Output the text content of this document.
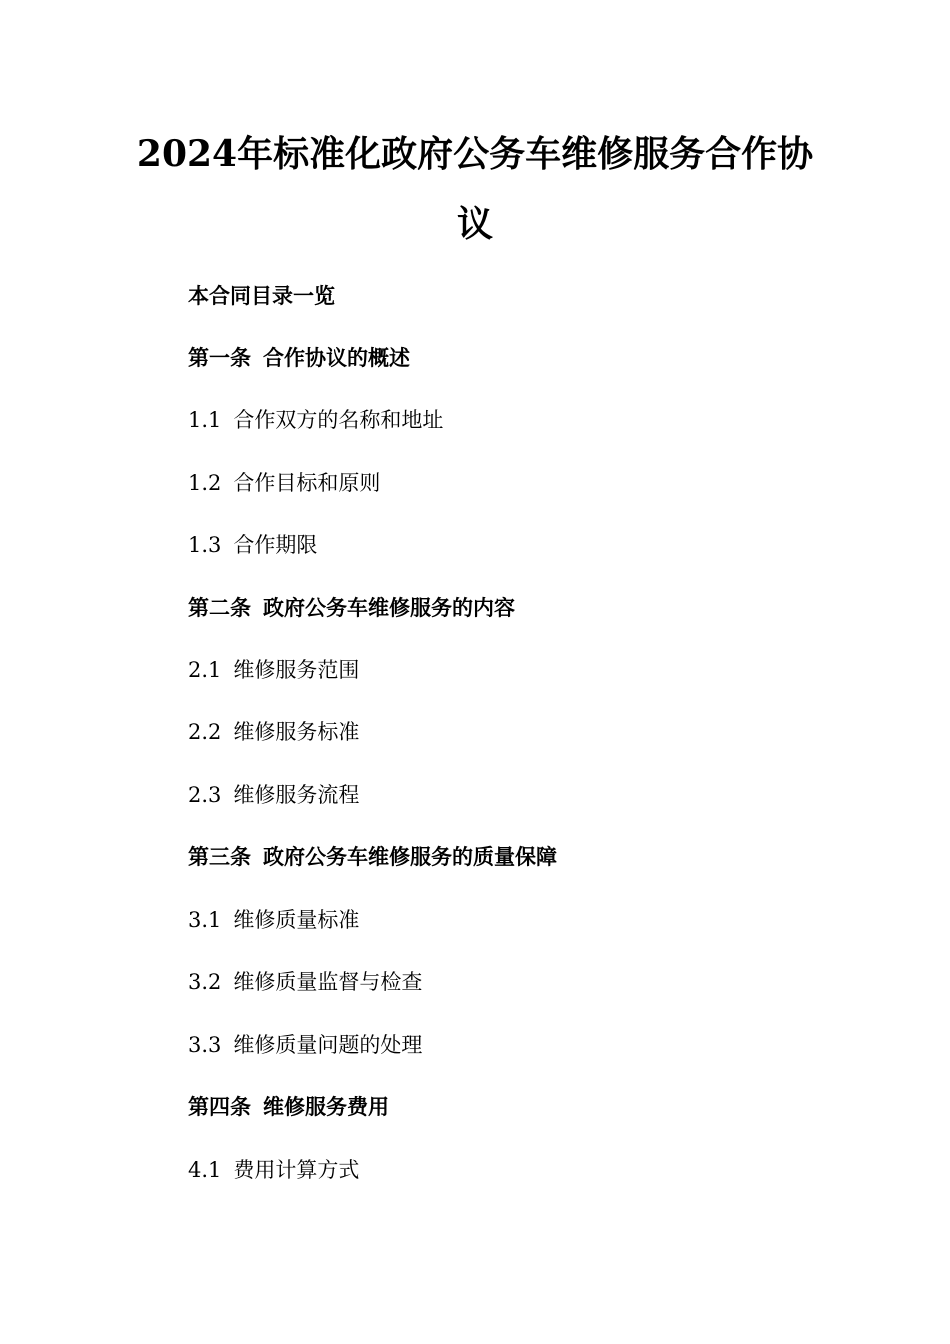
2024年标准化政府公务车维修服务合作协
议
本合同目录一览
第一条 合作协议的概述
1.1 合作双方的名称和地址
1.2 合作目标和原则
1.3 合作期限
第二条 政府公务车维修服务的内容
2.1 维修服务范围
2.2 维修服务标准
2.3 维修服务流程
第三条 政府公务车维修服务的质量保障
3.1 维修质量标准
3.2 维修质量监督与检查
3.3 维修质量问题的处理
第四条 维修服务费用
4.1 费用计算方式
